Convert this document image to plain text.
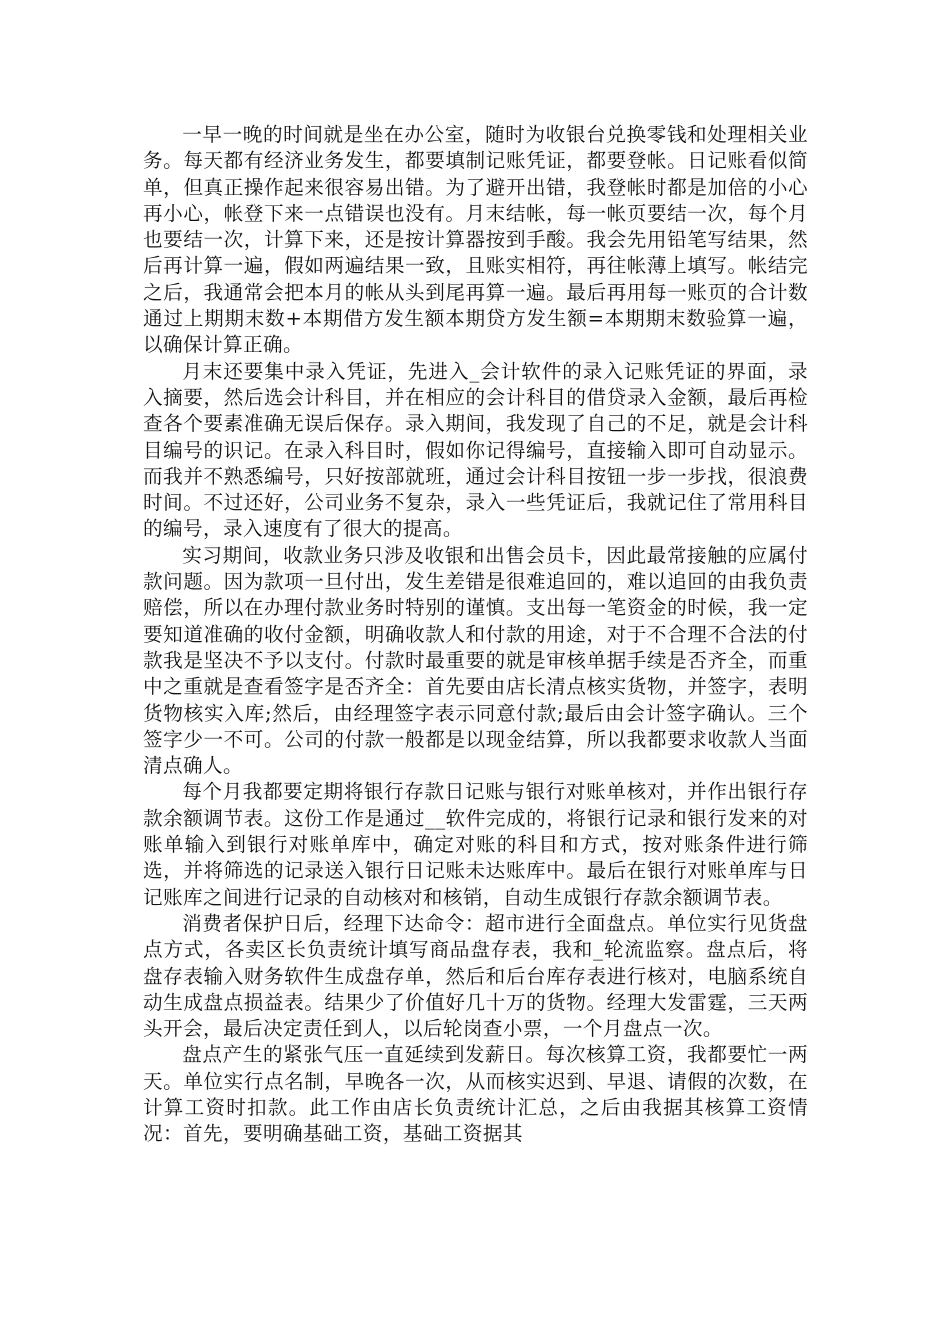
一早一晚的时间就是坐在办公室，随时为收银台兑换零钱和处理相关业务。每天都有经济业务发生，都要填制记账凭证，都要登帐。日记账看似简单，但真正操作起来很容易出错。为了避开出错，我登帐时都是加倍的小心再小心，帐登下来一点错误也没有。月末结帐，每一帐页要结一次，每个月也要结一次，计算下来，还是按计算器按到手酸。我会先用铅笔写结果，然后再计算一遍，假如两遍结果一致，且账实相符，再往帐薄上填写。帐结完之后，我通常会把本月的帐从头到尾再算一遍。最后再用每一账页的合计数通过上期期末数+本期借方发生额本期贷方发生额=本期期末数验算一遍，以确保计算正确。

月末还要集中录入凭证，先进入_会计软件的录入记账凭证的界面，录入摘要，然后选会计科目，并在相应的会计科目的借贷录入金额，最后再检查各个要素准确无误后保存。录入期间，我发现了自己的不足，就是会计科目编号的识记。在录入科目时，假如你记得编号，直接输入即可自动显示。而我并不熟悉编号，只好按部就班，通过会计科目按钮一步一步找，很浪费时间。不过还好，公司业务不复杂，录入一些凭证后，我就记住了常用科目的编号，录入速度有了很大的提高。

实习期间，收款业务只涉及收银和出售会员卡，因此最常接触的应属付款问题。因为款项一旦付出，发生差错是很难追回的，难以追回的由我负责赔偿，所以在办理付款业务时特别的谨慎。支出每一笔资金的时候，我一定要知道准确的收付金额，明确收款人和付款的用途，对于不合理不合法的付款我是坚决不予以支付。付款时最重要的就是审核单据手续是否齐全，而重中之重就是查看签字是否齐全：首先要由店长清点核实货物，并签字，表明货物核实入库;然后，由经理签字表示同意付款;最后由会计签字确认。三个签字少一不可。公司的付款一般都是以现金结算，所以我都要求收款人当面清点确人。

每个月我都要定期将银行存款日记账与银行对账单核对，并作出银行存款余额调节表。这份工作是通过__软件完成的，将银行记录和银行发来的对账单输入到银行对账单库中，确定对账的科目和方式，按对账条件进行筛选，并将筛选的记录送入银行日记账未达账库中。最后在银行对账单库与日记账库之间进行记录的自动核对和核销，自动生成银行存款余额调节表。

消费者保护日后，经理下达命令：超市进行全面盘点。单位实行见货盘点方式，各卖区长负责统计填写商品盘存表，我和_轮流监察。盘点后，将盘存表输入财务软件生成盘存单，然后和后台库存表进行核对，电脑系统自动生成盘点损益表。结果少了价值好几十万的货物。经理大发雷霆，三天两头开会，最后决定责任到人，以后轮岗查小票，一个月盘点一次。

盘点产生的紧张气压一直延续到发薪日。每次核算工资，我都要忙一两天。单位实行点名制，早晚各一次，从而核实迟到、早退、请假的次数，在计算工资时扣款。此工作由店长负责统计汇总，之后由我据其核算工资情况：首先，要明确基础工资，基础工资据其
